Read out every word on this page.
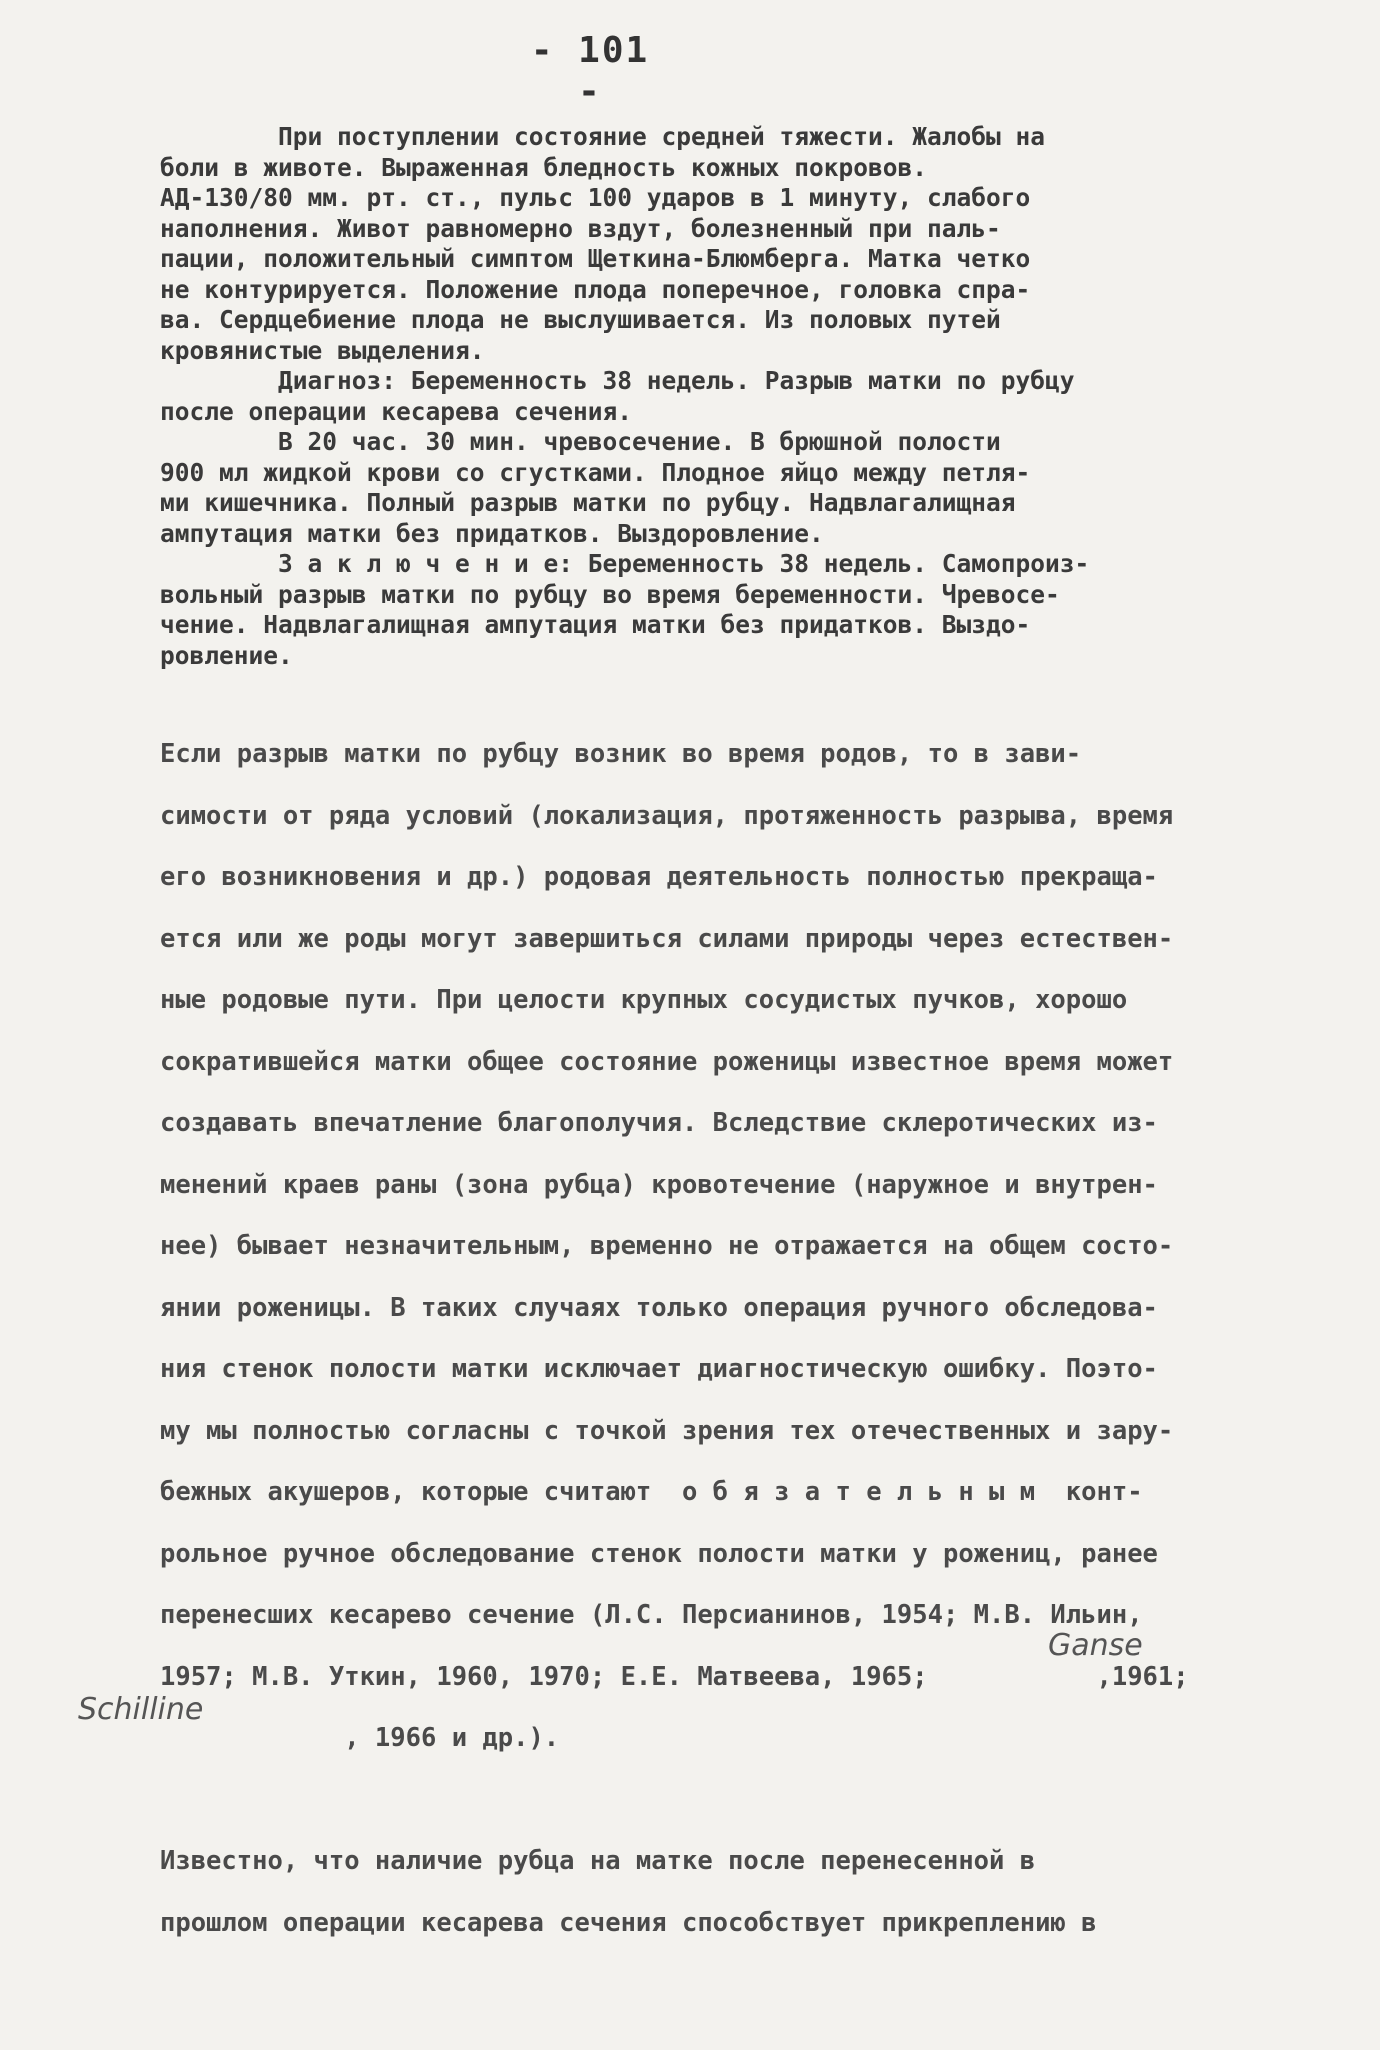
- 101 -
При поступлении состояние средней тяжести. Жалобы на
боли в животе. Выраженная бледность кожных покровов.
АД-130/80 мм. рт. ст., пульс 100 ударов в 1 минуту, слабого
наполнения. Живот равномерно вздут, болезненный при паль-
пации, положительный симптом Щеткина-Блюмберга. Матка четко
не контурируется. Положение плода поперечное, головка спра-
ва. Сердцебиение плода не выслушивается. Из половых путей
кровянистые выделения.
Диагноз: Беременность 38 недель. Разрыв матки по рубцу
после операции кесарева сечения.
В 20 час. 30 мин. чревосечение. В брюшной полости
900 мл жидкой крови со сгустками. Плодное яйцо между петля-
ми кишечника. Полный разрыв матки по рубцу. Надвлагалищная
ампутация матки без придатков. Выздоровление.
З а к л ю ч е н и е: Беременность 38 недель. Самопроиз-
вольный разрыв матки по рубцу во время беременности. Чревосе-
чение. Надвлагалищная ампутация матки без придатков. Выздо-
ровление.
Если разрыв матки по рубцу возник во время родов, то в зави-
симости от ряда условий (локализация, протяженность разрыва, время
его возникновения и др.) родовая деятельность полностью прекраща-
ется или же роды могут завершиться силами природы через естествен-
ные родовые пути. При целости крупных сосудистых пучков, хорошо
сократившейся матки общее состояние роженицы известное время может
создавать впечатление благополучия. Вследствие склеротических из-
менений краев раны (зона рубца) кровотечение (наружное и внутрен-
нее) бывает незначительным, временно не отражается на общем состо-
янии роженицы. В таких случаях только операция ручного обследова-
ния стенок полости матки исключает диагностическую ошибку. Поэто-
му мы полностью согласны с точкой зрения тех отечественных и зару-
бежных акушеров, которые считают  о б я з а т е л ь н ы м  конт-
рольное ручное обследование стенок полости матки у рожениц, ранее
перенесших кесарево сечение (Л.С. Персианинов, 1954; М.В. Ильин,
1957; М.В. Уткин, 1960, 1970; Е.Е. Матвеева, 1965;           ,1961;
, 1966 и др.).

Известно, что наличие рубца на матке после перенесенной в
прошлом операции кесарева сечения способствует прикреплению в
Ganse
Schilline
